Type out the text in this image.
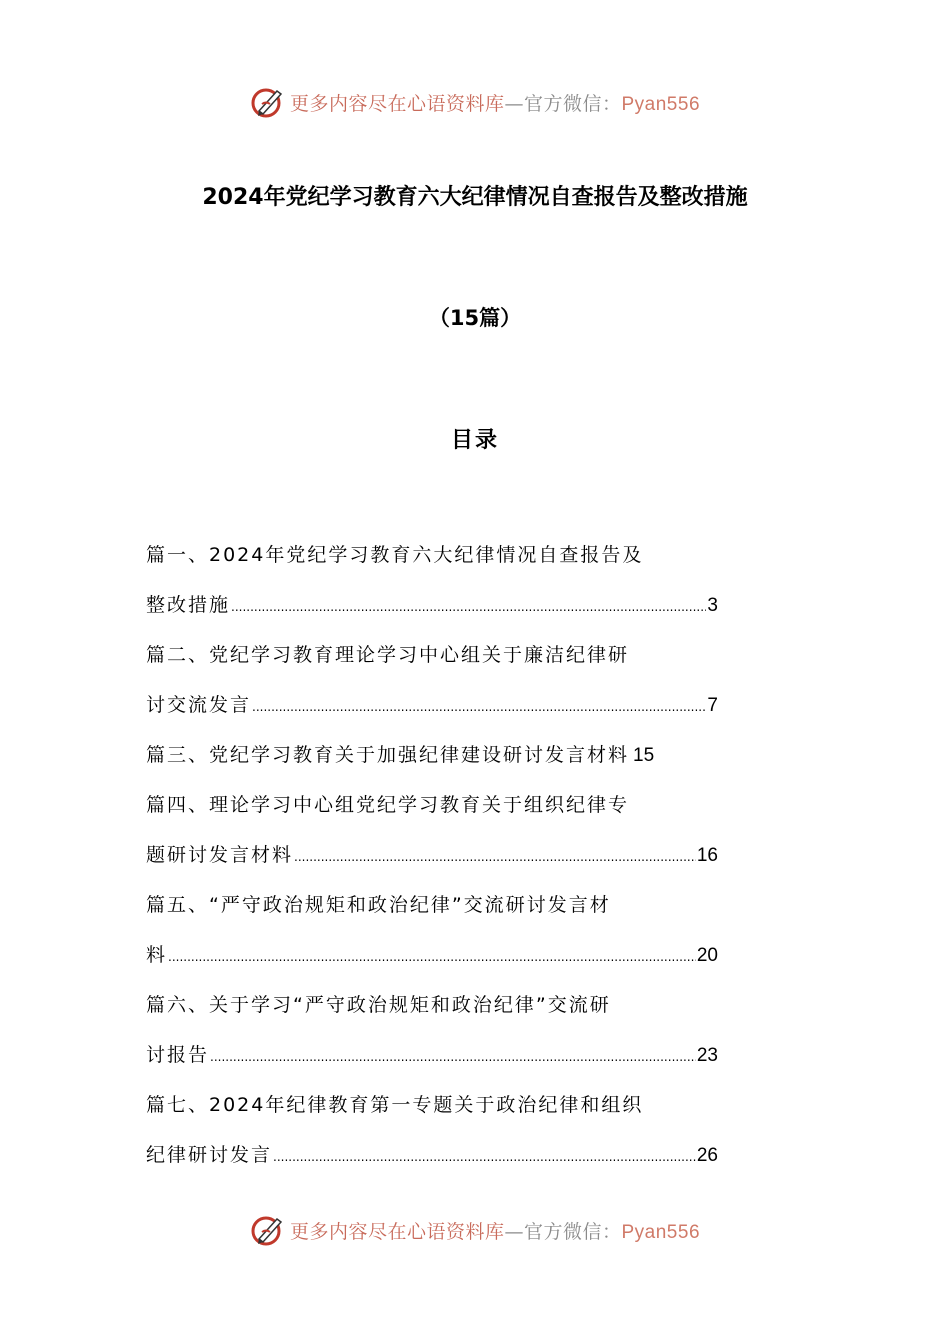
更多内容尽在心语资料库—官方微信：Pyan556
2024年党纪学习教育六大纪律情况自查报告及整改措施
（15篇）
目录
篇一、2024年党纪学习教育六大纪律情况自查报告及
整改措施 .....	3
篇二、党纪学习教育理论学习中心组关于廉洁纪律研
讨交流发言 .....	7
篇三、党纪学习教育关于加强纪律建设研讨发言材料 15
篇四、理论学习中心组党纪学习教育关于组织纪律专
题研讨发言材料 .....	16
篇五、“严守政治规矩和政治纪律”交流研讨发言材
料 .....	20
篇六、关于学习“严守政治规矩和政治纪律”交流研
讨报告 .....	23
篇七、2024年纪律教育第一专题关于政治纪律和组织
纪律研讨发言 .....	26
更多内容尽在心语资料库—官方微信：Pyan556
